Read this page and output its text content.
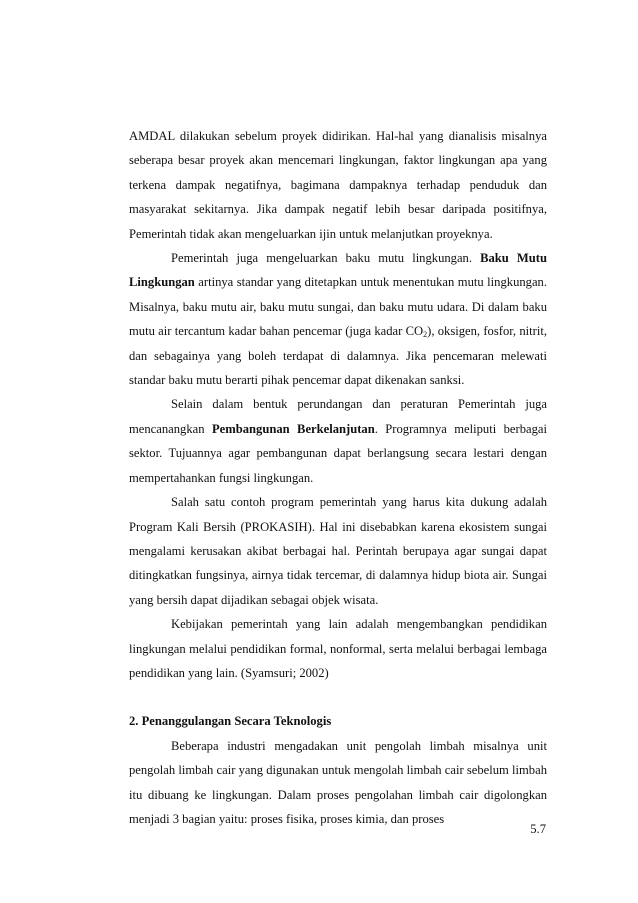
AMDAL dilakukan sebelum proyek didirikan. Hal-hal yang dianalisis misalnya seberapa besar proyek akan mencemari lingkungan, faktor lingkungan apa yang terkena dampak negatifnya, bagimana dampaknya terhadap penduduk dan masyarakat sekitarnya. Jika dampak negatif lebih besar daripada positifnya, Pemerintah tidak akan mengeluarkan ijin untuk melanjutkan proyeknya.

Pemerintah juga mengeluarkan baku mutu lingkungan. Baku Mutu Lingkungan artinya standar yang ditetapkan untuk menentukan mutu lingkungan. Misalnya, baku mutu air, baku mutu sungai, dan baku mutu udara. Di dalam baku mutu air tercantum kadar bahan pencemar (juga kadar $CO_2$), oksigen, fosfor, nitrit, dan sebagainya yang boleh terdapat di dalamnya. Jika pencemaran melewati standar baku mutu berarti pihak pencemar dapat dikenakan sanksi.

Selain dalam bentuk perundangan dan peraturan Pemerintah juga mencanangkan Pembangunan Berkelanjutan. Programnya meliputi berbagai sektor. Tujuannya agar pembangunan dapat berlangsung secara lestari dengan mempertahankan fungsi lingkungan.

Salah satu contoh program pemerintah yang harus kita dukung adalah Program Kali Bersih (PROKASIH). Hal ini disebabkan karena ekosistem sungai mengalami kerusakan akibat berbagai hal. Perintah berupaya agar sungai dapat ditingkatkan fungsinya, airnya tidak tercemar, di dalamnya hidup biota air. Sungai yang bersih dapat dijadikan sebagai objek wisata.

Kebijakan pemerintah yang lain adalah mengembangkan pendidikan lingkungan melalui pendidikan formal, nonformal, serta melalui berbagai lembaga pendidikan yang lain. (Syamsuri; 2002)

2. Penanggulangan Secara Teknologis

Beberapa industri mengadakan unit pengolah limbah misalnya unit pengolah limbah cair yang digunakan untuk mengolah limbah cair sebelum limbah itu dibuang ke lingkungan. Dalam proses pengolahan limbah cair digolongkan menjadi 3 bagian yaitu: proses fisika, proses kimia, dan proses

5.7
